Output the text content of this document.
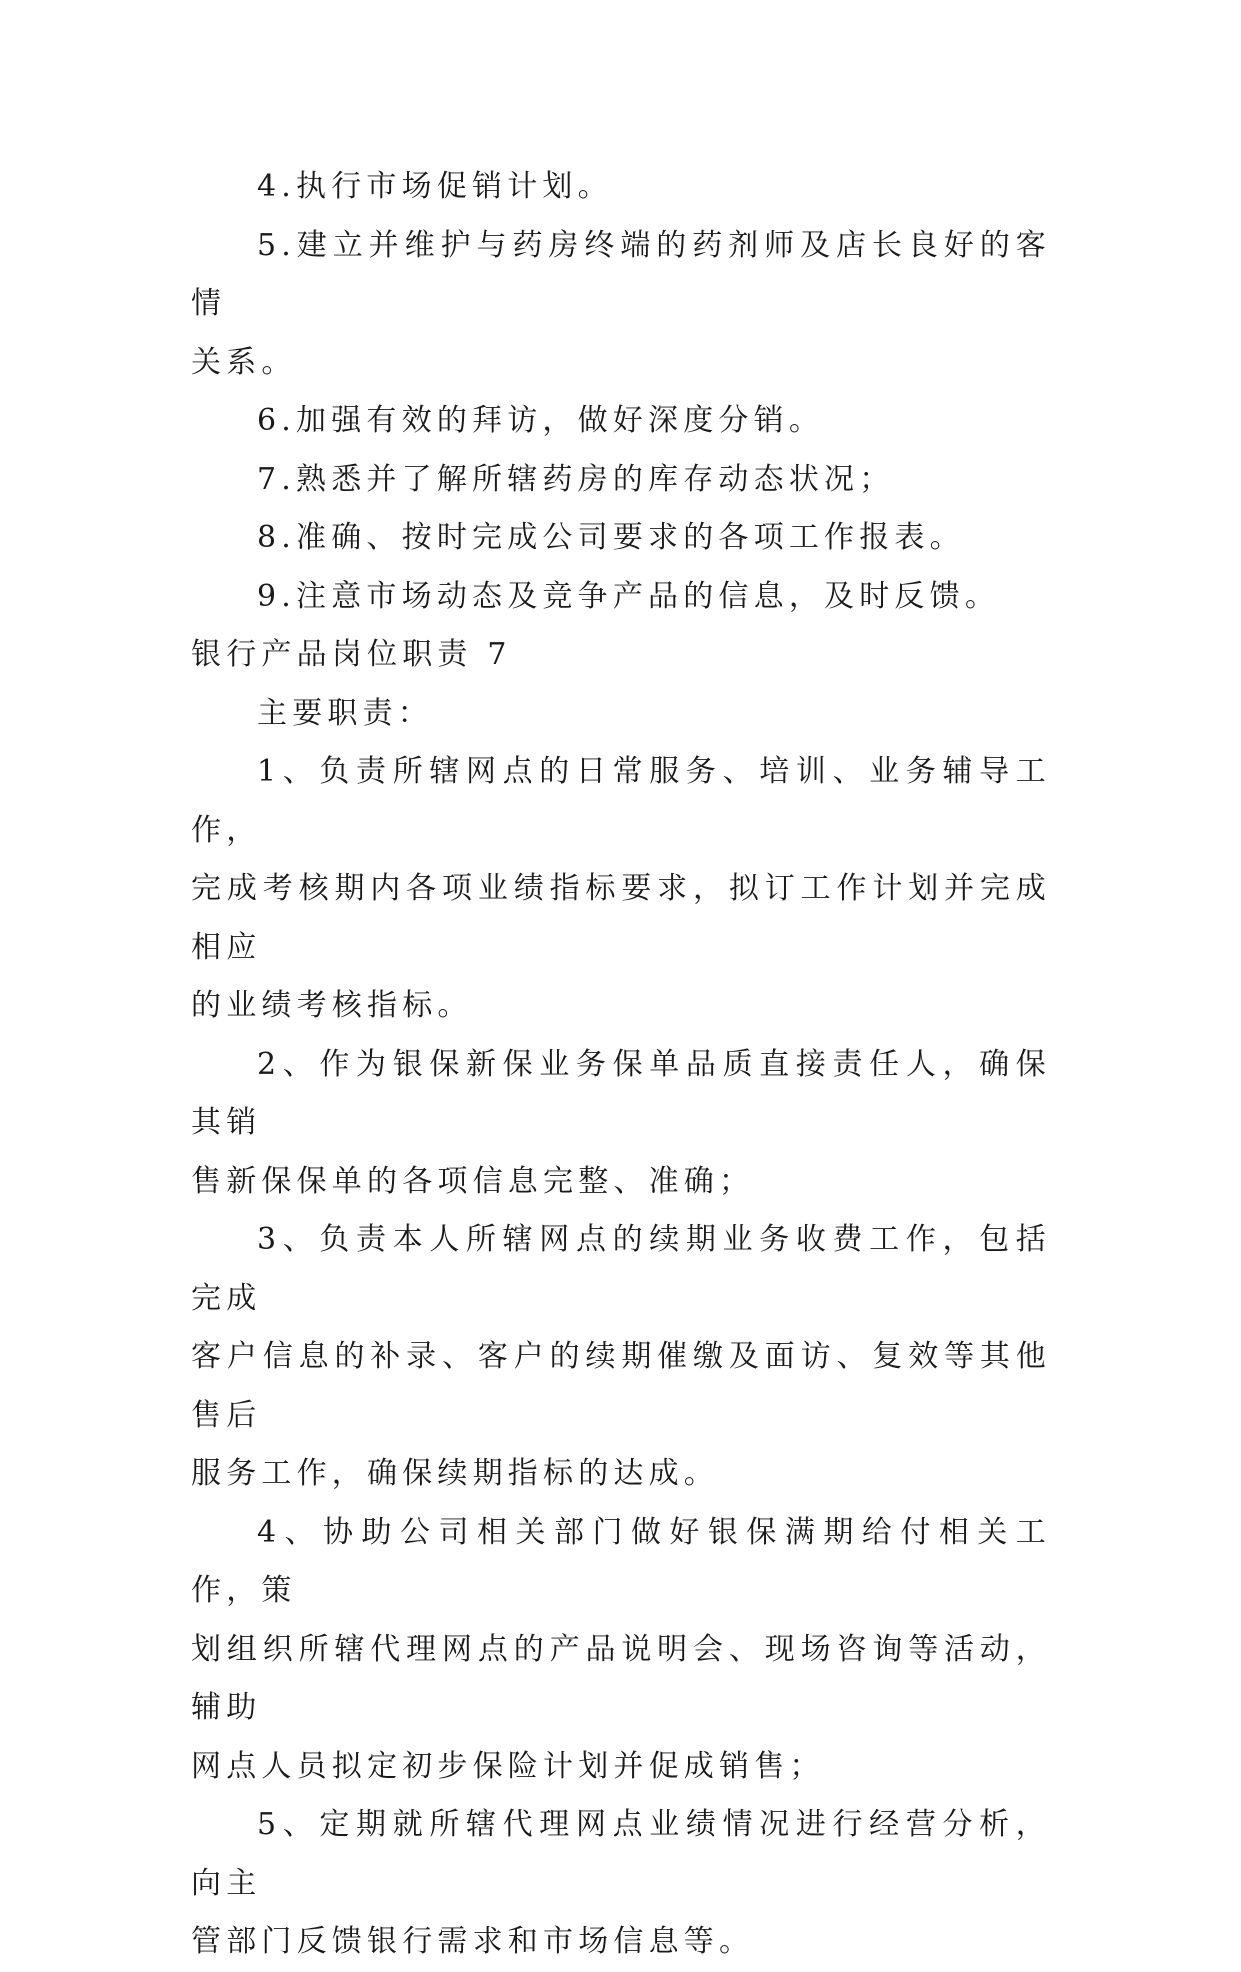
4.执行市场促销计划。

5.建立并维护与药房终端的药剂师及店长良好的客情
关系。

6.加强有效的拜访，做好深度分销。

7.熟悉并了解所辖药房的库存动态状况；

8.准确、按时完成公司要求的各项工作报表。

9.注意市场动态及竞争产品的信息，及时反馈。

银行产品岗位职责 7

主要职责：

1、负责所辖网点的日常服务、培训、业务辅导工作，
完成考核期内各项业绩指标要求，拟订工作计划并完成相应
的业绩考核指标。

2、作为银保新保业务保单品质直接责任人，确保其销
售新保保单的各项信息完整、准确；

3、负责本人所辖网点的续期业务收费工作，包括完成
客户信息的补录、客户的续期催缴及面访、复效等其他售后
服务工作，确保续期指标的达成。

4、协助公司相关部门做好银保满期给付相关工作，策
划组织所辖代理网点的产品说明会、现场咨询等活动，辅助
网点人员拟定初步保险计划并促成销售；

5、定期就所辖代理网点业绩情况进行经营分析，向主
管部门反馈银行需求和市场信息等。
